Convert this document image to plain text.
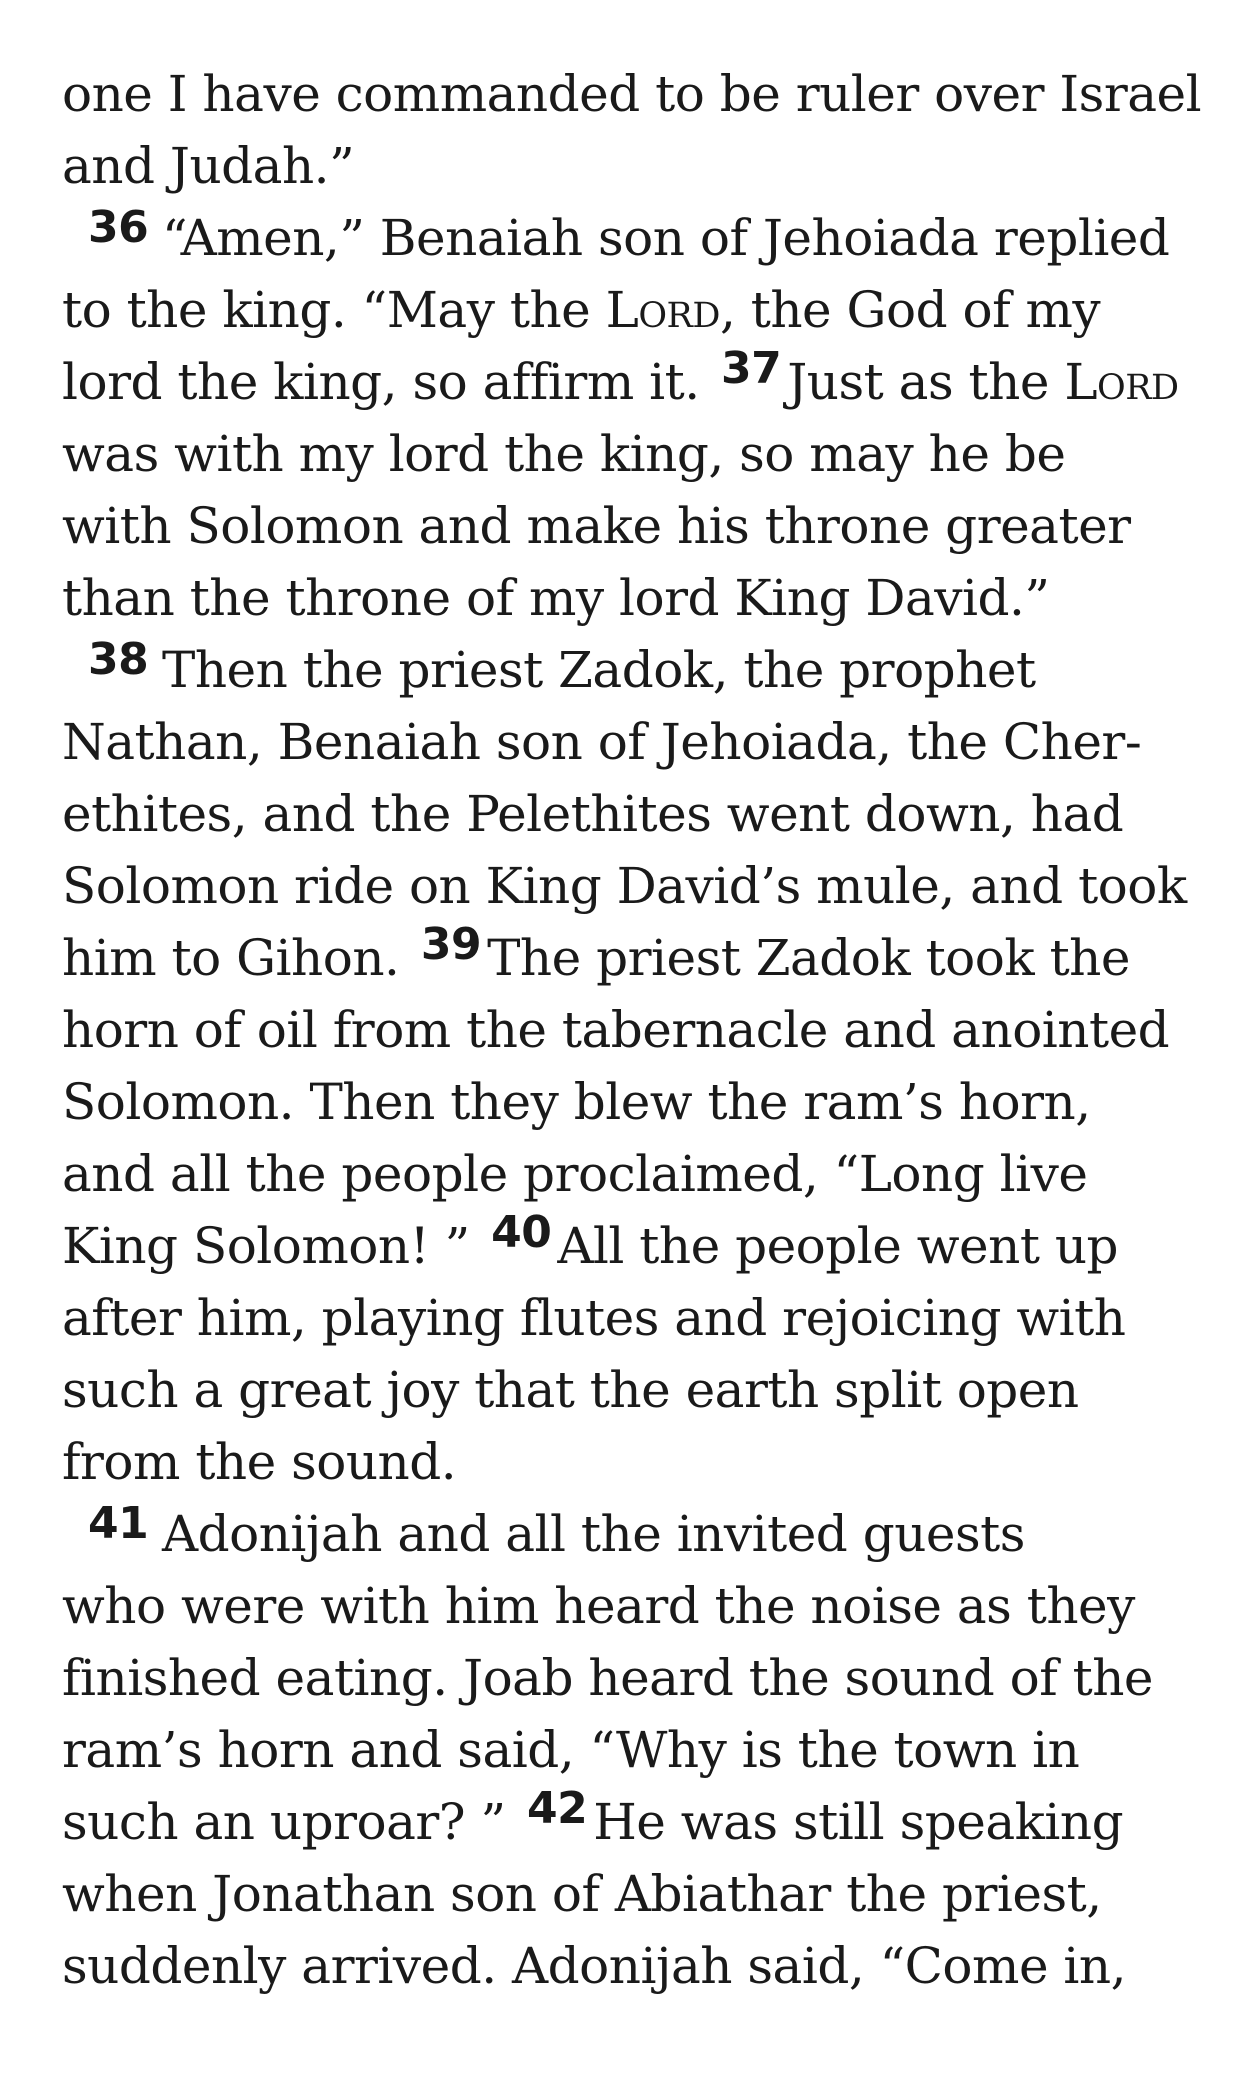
one I have commanded to be ruler over Israel
and Judah.”
36 “Amen,” Benaiah son of Jehoiada replied
to the king. “May the Lord, the God of my
lord the king, so affirm it. 37 Just as the Lord
was with my lord the king, so may he be
with Solomon and make his throne greater
than the throne of my lord King David.”
38 Then the priest Zadok, the prophet
Nathan, Benaiah son of Jehoiada, the Cher-
ethites, and the Pelethites went down, had
Solomon ride on King David’s mule, and took
him to Gihon. 39 The priest Zadok took the
horn of oil from the tabernacle and anointed
Solomon. Then they blew the ram’s horn,
and all the people proclaimed, “Long live
King Solomon! ” 40 All the people went up
after him, playing flutes and rejoicing with
such a great joy that the earth split open
from the sound.
41 Adonijah and all the invited guests
who were with him heard the noise as they
finished eating. Joab heard the sound of the
ram’s horn and said, “Why is the town in
such an uproar? ” 42 He was still speaking
when Jonathan son of Abiathar the priest,
suddenly arrived. Adonijah said, “Come in,
